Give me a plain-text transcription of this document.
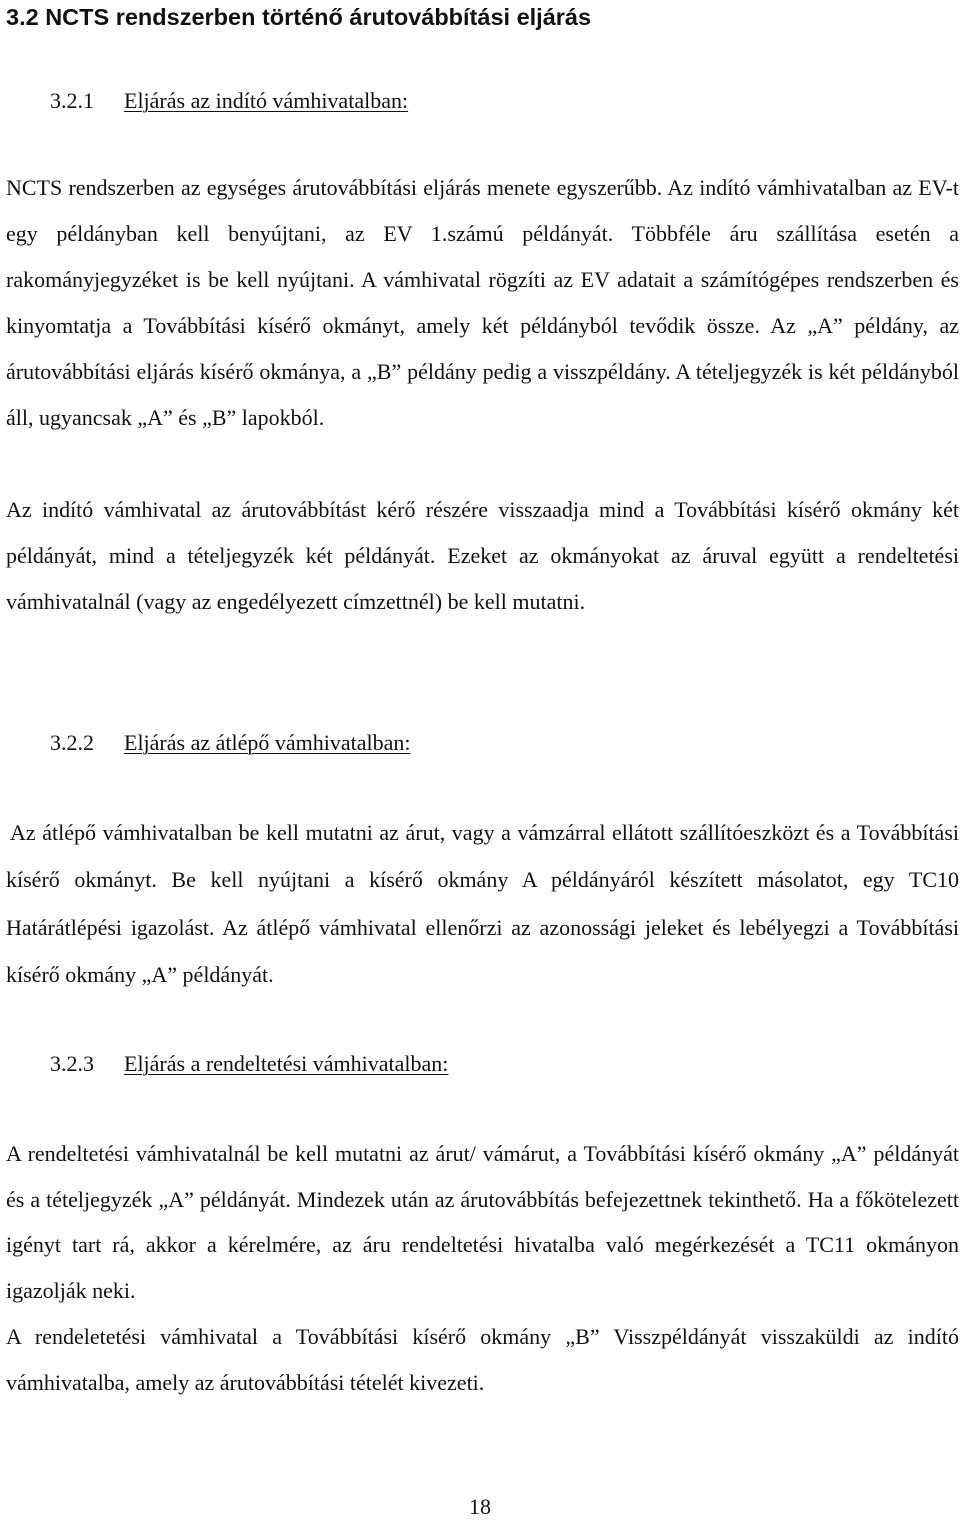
3.2 NCTS rendszerben történő árutovábbítási eljárás
3.2.1 Eljárás az indító vámhivatalban:

NCTS rendszerben az egységes árutovábbítási eljárás menete egyszerűbb. Az indító vámhivatalban az EV-t egy példányban kell benyújtani, az EV 1.számú példányát. Többféle áru szállítása esetén a rakományjegyzéket is be kell nyújtani. A vámhivatal rögzíti az EV adatait a számítógépes rendszerben és kinyomtatja a Továbbítási kísérő okmányt, amely két példányból tevődik össze. Az „A” példány, az árutovábbítási eljárás kísérő okmánya, a „B” példány pedig a visszpéldány. A tételjegyzék is két példányból áll, ugyancsak „A” és „B” lapokból.

Az indító vámhivatal az árutovábbítást kérő részére visszaadja mind a Továbbítási kísérő okmány két példányát, mind a tételjegyzék két példányát. Ezeket az okmányokat az áruval együtt a rendeltetési vámhivatalnál (vagy az engedélyezett címzettnél) be kell mutatni.

3.2.2 Eljárás az átlépő vámhivatalban:

Az átlépő vámhivatalban be kell mutatni az árut, vagy a vámzárral ellátott szállítóeszközt és a Továbbítási kísérő okmányt. Be kell nyújtani a kísérő okmány A példányáról készített másolatot, egy TC10 Határátlépési igazolást. Az átlépő vámhivatal ellenőrzi az azonossági jeleket és lebélyegzi a Továbbítási kísérő okmány „A” példányát.

3.2.3 Eljárás a rendeltetési vámhivatalban:

A rendeltetési vámhivatalnál be kell mutatni az árut/ vámárut, a Továbbítási kísérő okmány „A” példányát és a tételjegyzék „A” példányát. Mindezek után az árutovábbítás befejezettnek tekinthető. Ha a főkötelezett igényt tart rá, akkor a kérelmére, az áru rendeltetési hivatalba való megérkezését a TC11 okmányon igazolják neki.

A rendeletetési vámhivatal a Továbbítási kísérő okmány „B” Visszpéldányát visszaküldi az indító vámhivatalba, amely az árutovábbítási tételét kivezeti.

18
